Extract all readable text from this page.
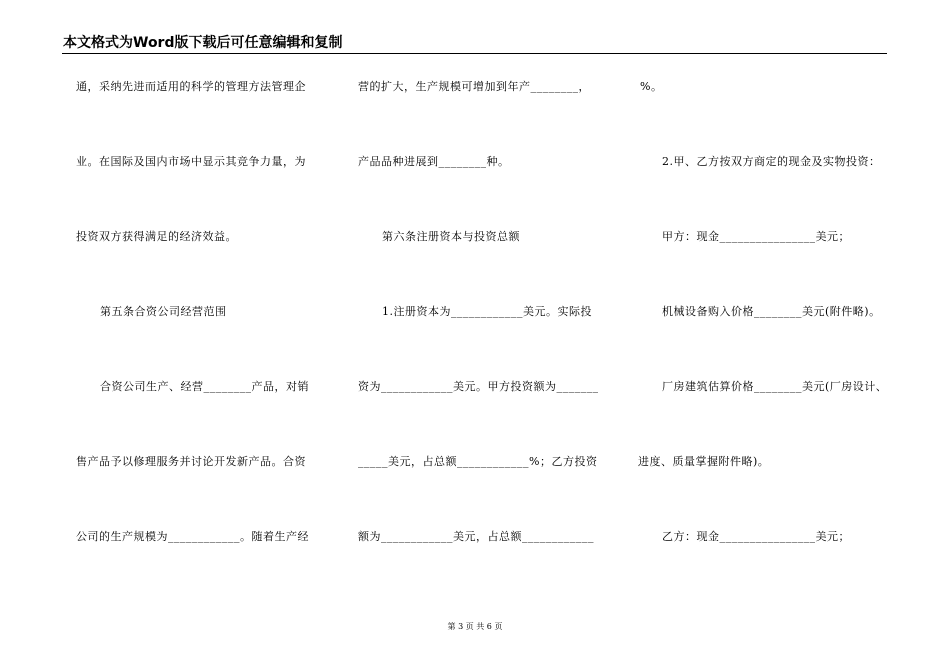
本文格式为Word版下载后可任意编辑和复制
通，采纳先进而适用的科学的管理方法管理企
业。在国际及国内市场中显示其竞争力量，为
投资双方获得满足的经济效益。
第五条合资公司经营范围
合资公司生产、经营________产品，对销
售产品予以修理服务并讨论开发新产品。合资
公司的生产规模为____________。随着生产经
营的扩大，生产规模可增加到年产________，
产品品种进展到________种。
第六条注册资本与投资总额
1.注册资本为____________美元。实际投
资为____________美元。甲方投资额为_______
_____美元，占总额____________%；乙方投资
额为____________美元，占总额____________
%。
2.甲、乙方按双方商定的现金及实物投资：
甲方：现金________________美元；
机械设备购入价格________美元(附件略)。
厂房建筑估算价格________美元(厂房设计、
进度、质量掌握附件略)。
乙方：现金________________美元；
第 3 页 共 6 页
